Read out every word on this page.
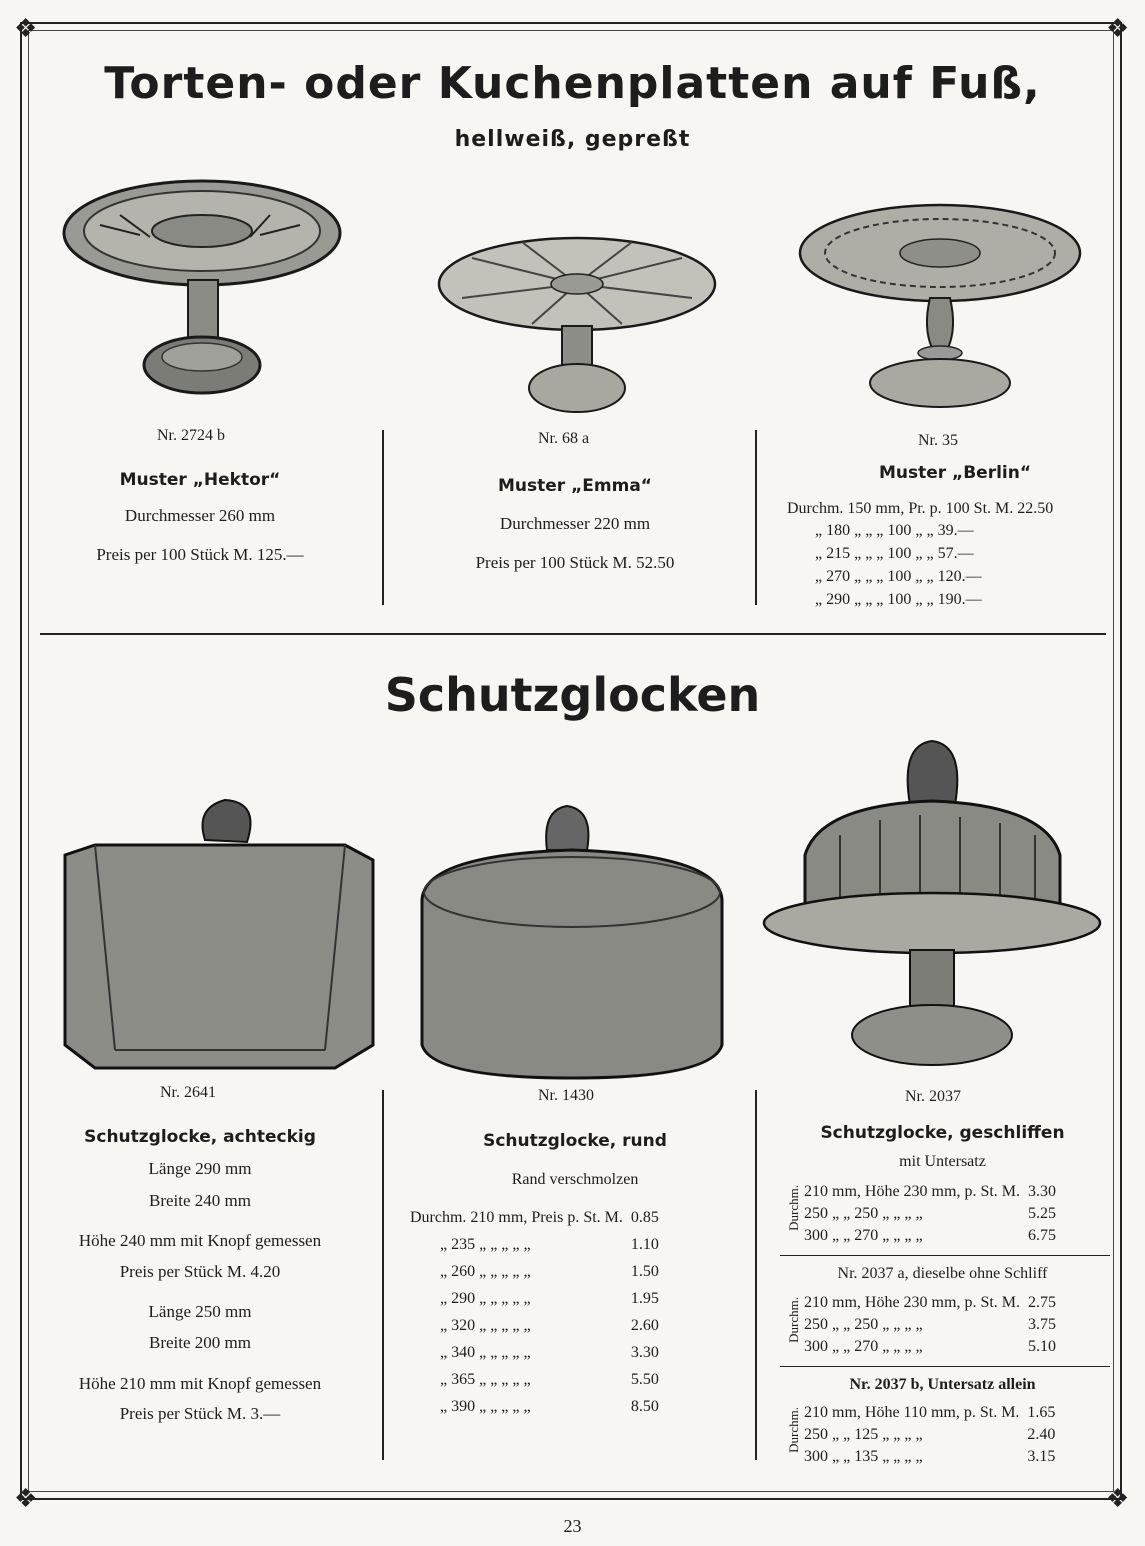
❖	❖
❖	❖
Torten- oder Kuchenplatten auf Fuß,
hellweiß, gepreßt
Nr. 2724 b
Muster „Hektor“
Durchmesser 260 mm
Preis per 100 Stück M. 125.—
Nr. 68 a
Muster „Emma“
Durchmesser 220 mm
Preis per 100 Stück M. 52.50
Nr. 35
Muster „Berlin“
Durchm. 150 mm, Pr. p. 100 St. M. 22.50
„ 180 „ „ „ 100 „ „ 39.—
„ 215 „ „ „ 100 „ „ 57.—
„ 270 „ „ „ 100 „ „ 120.—
„ 290 „ „ „ 100 „ „ 190.—
Schutzglocken
Nr. 2641
Schutzglocke, achteckig
Länge 290 mm
Breite 240 mm
Höhe 240 mm mit Knopf gemessen
Preis per Stück M. 4.20
Länge 250 mm
Breite 200 mm
Höhe 210 mm mit Knopf gemessen
Preis per Stück M. 3.—
Nr. 1430
Schutzglocke, rund
Rand verschmolzen
Durchm. 210 mm, Preis p. St. M.	0.85
„ 235 „ „ „ „ „	1.10
„ 260 „ „ „ „ „	1.50
„ 290 „ „ „ „ „	1.95
„ 320 „ „ „ „ „	2.60
„ 340 „ „ „ „ „	3.30
„ 365 „ „ „ „ „	5.50
„ 390 „ „ „ „ „	8.50
Nr. 2037
Schutzglocke, geschliffen
mit Untersatz
Durchm. 210 mm, Höhe 230 mm, p. St. M.	3.30
250 „ „ 250 „ „ „ „	5.25
300 „ „ 270 „ „ „ „	6.75
Nr. 2037 a, dieselbe ohne Schliff
Durchm. 210 mm, Höhe 230 mm, p. St. M.	2.75
250 „ „ 250 „ „ „ „	3.75
300 „ „ 270 „ „ „ „	5.10
Nr. 2037 b, Untersatz allein
Durchm. 210 mm, Höhe 110 mm, p. St. M.	1.65
250 „ „ 125 „ „ „ „	2.40
300 „ „ 135 „ „ „ „	3.15
23
